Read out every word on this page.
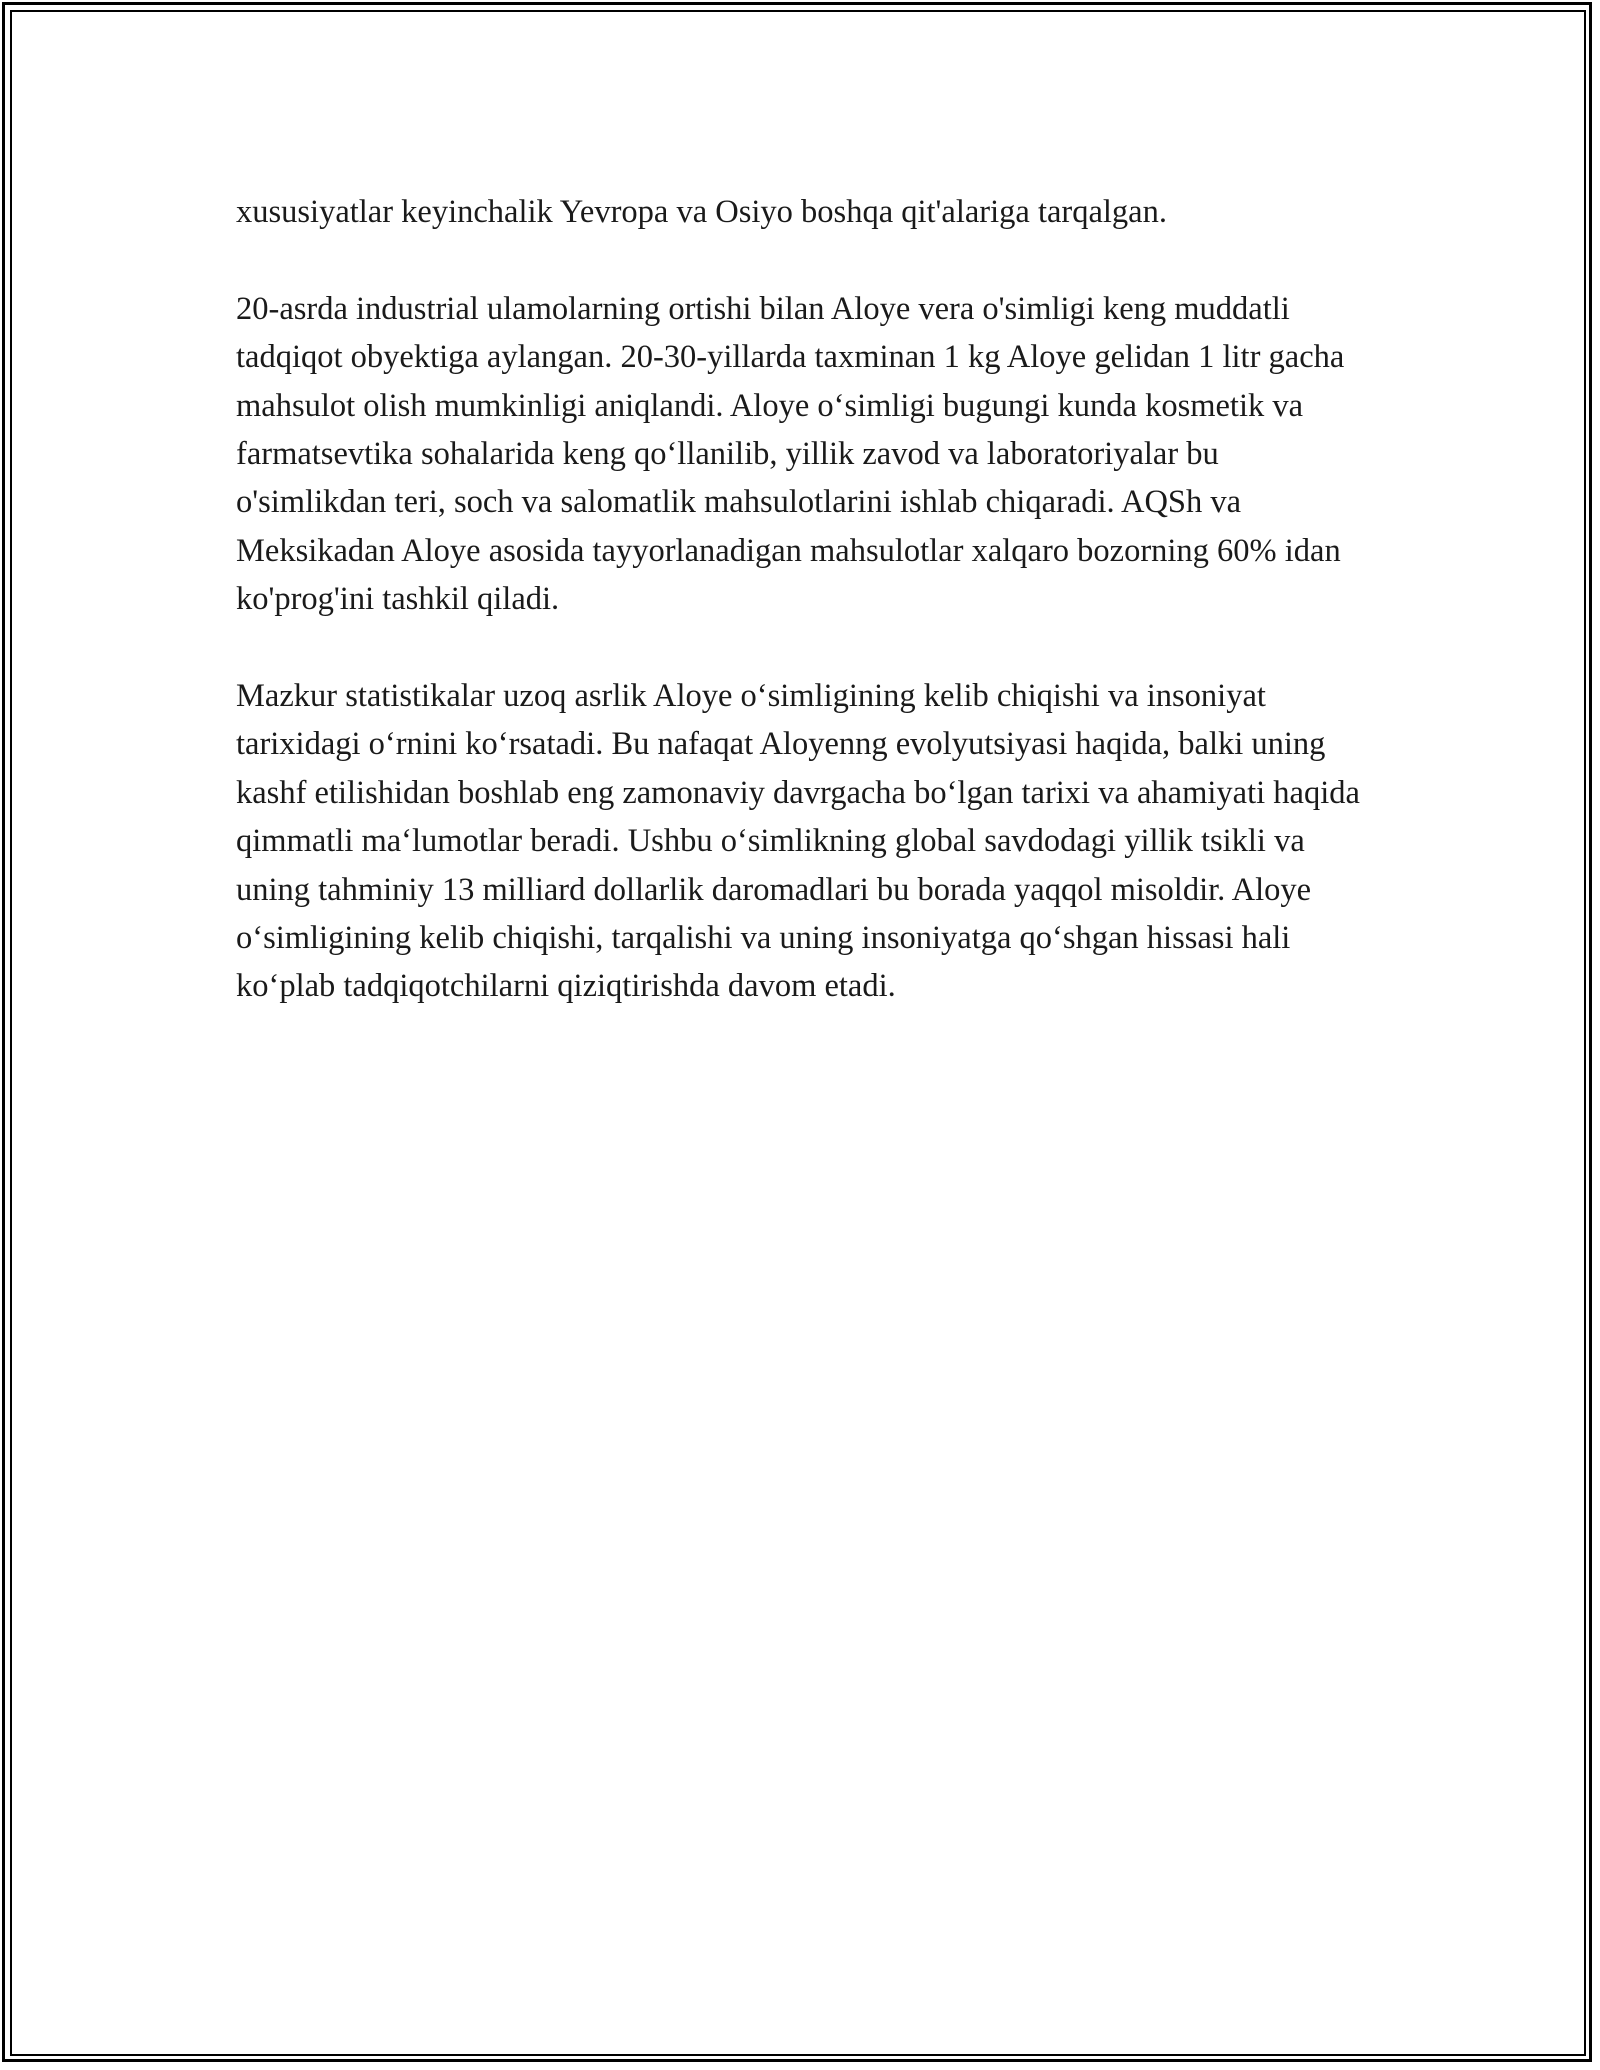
xususiyatlar keyinchalik Yevropa va Osiyo boshqa qit'alariga tarqalgan.

20-asrda industrial ulamolarning ortishi bilan Aloye vera o'simligi keng muddatli tadqiqot obyektiga aylangan. 20-30-yillarda taxminan 1 kg Aloye gelidan 1 litr gacha mahsulot olish mumkinligi aniqlandi. Aloye o‘simligi bugungi kunda kosmetik va farmatsevtika sohalarida keng qo‘llanilib, yillik zavod va laboratoriyalar bu o'simlikdan teri, soch va salomatlik mahsulotlarini ishlab chiqaradi. AQSh va Meksikadan Aloye asosida tayyorlanadigan mahsulotlar xalqaro bozorning 60% idan ko'prog'ini tashkil qiladi.

Mazkur statistikalar uzoq asrlik Aloye o‘simligining kelib chiqishi va insoniyat tarixidagi o‘rnini ko‘rsatadi. Bu nafaqat Aloyenng evolyutsiyasi haqida, balki uning kashf etilishidan boshlab eng zamonaviy davrgacha bo‘lgan tarixi va ahamiyati haqida qimmatli ma‘lumotlar beradi. Ushbu o‘simlikning global savdodagi yillik tsikli va uning tahminiy 13 milliard dollarlik daromadlari bu borada yaqqol misoldir. Aloye o‘simligining kelib chiqishi, tarqalishi va uning insoniyatga qo‘shgan hissasi hali ko‘plab tadqiqotchilarni qiziqtirishda davom etadi.
